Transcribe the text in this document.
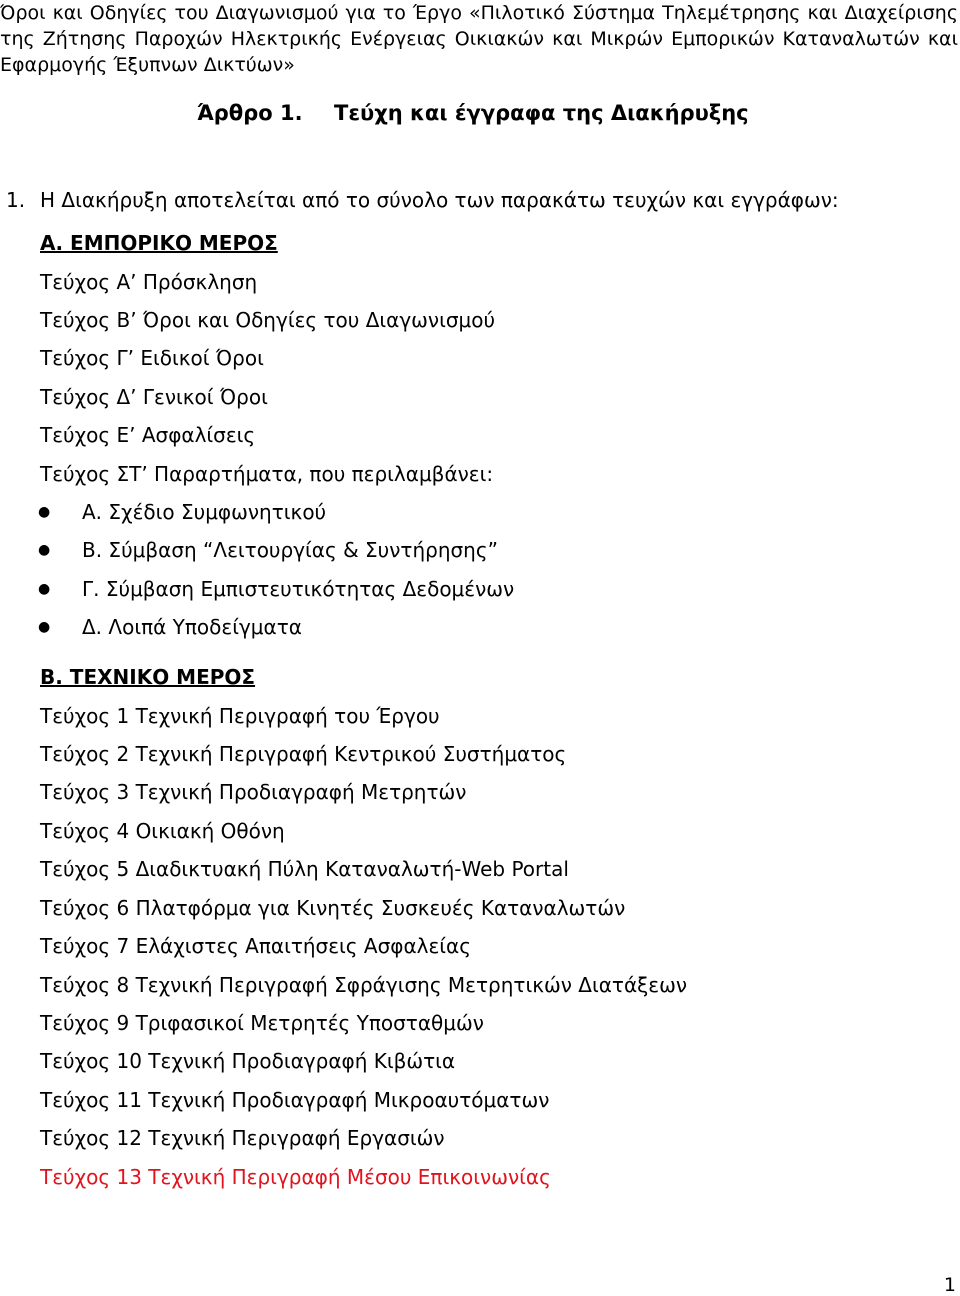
Όροι και Οδηγίες του Διαγωνισμού για το Έργο «Πιλοτικό Σύστημα Τηλεμέτρησης και Διαχείρισης της Ζήτησης Παροχών Ηλεκτρικής Ενέργειας Οικιακών και Μικρών Εμπορικών Καταναλωτών και Εφαρμογής Έξυπνων Δικτύων»
Άρθρο 1. Τεύχη και έγγραφα της Διακήρυξης
1. Η Διακήρυξη αποτελείται από το σύνολο των παρακάτω τευχών και εγγράφων:
Α. ΕΜΠΟΡΙΚΟ ΜΕΡΟΣ
Τεύχος Α’ Πρόσκληση
Τεύχος Β’ Όροι και Οδηγίες του Διαγωνισμού
Τεύχος Γ’ Ειδικοί Όροι
Τεύχος Δ’ Γενικοί Όροι
Τεύχος Ε’ Ασφαλίσεις
Τεύχος ΣΤ’ Παραρτήματα, που περιλαμβάνει:
● Α. Σχέδιο Συμφωνητικού
● Β. Σύμβαση “Λειτουργίας & Συντήρησης”
● Γ. Σύμβαση Εμπιστευτικότητας Δεδομένων
● Δ. Λοιπά Υποδείγματα
Β. ΤΕΧΝΙΚΟ ΜΕΡΟΣ
Τεύχος 1 Τεχνική Περιγραφή του Έργου
Τεύχος 2 Τεχνική Περιγραφή Κεντρικού Συστήματος
Τεύχος 3 Τεχνική Προδιαγραφή Μετρητών
Τεύχος 4 Οικιακή Οθόνη
Τεύχος 5 Διαδικτυακή Πύλη Καταναλωτή-Web Portal
Τεύχος 6 Πλατφόρμα για Κινητές Συσκευές Καταναλωτών
Τεύχος 7 Ελάχιστες Απαιτήσεις Ασφαλείας
Τεύχος 8 Τεχνική Περιγραφή Σφράγισης Μετρητικών Διατάξεων
Τεύχος 9 Τριφασικοί Μετρητές Υποσταθμών
Τεύχος 10 Τεχνική Προδιαγραφή Κιβώτια
Τεύχος 11 Τεχνική Προδιαγραφή Μικροαυτόματων
Τεύχος 12 Τεχνική Περιγραφή Εργασιών
Τεύχος 13 Τεχνική Περιγραφή Μέσου Επικοινωνίας
1
